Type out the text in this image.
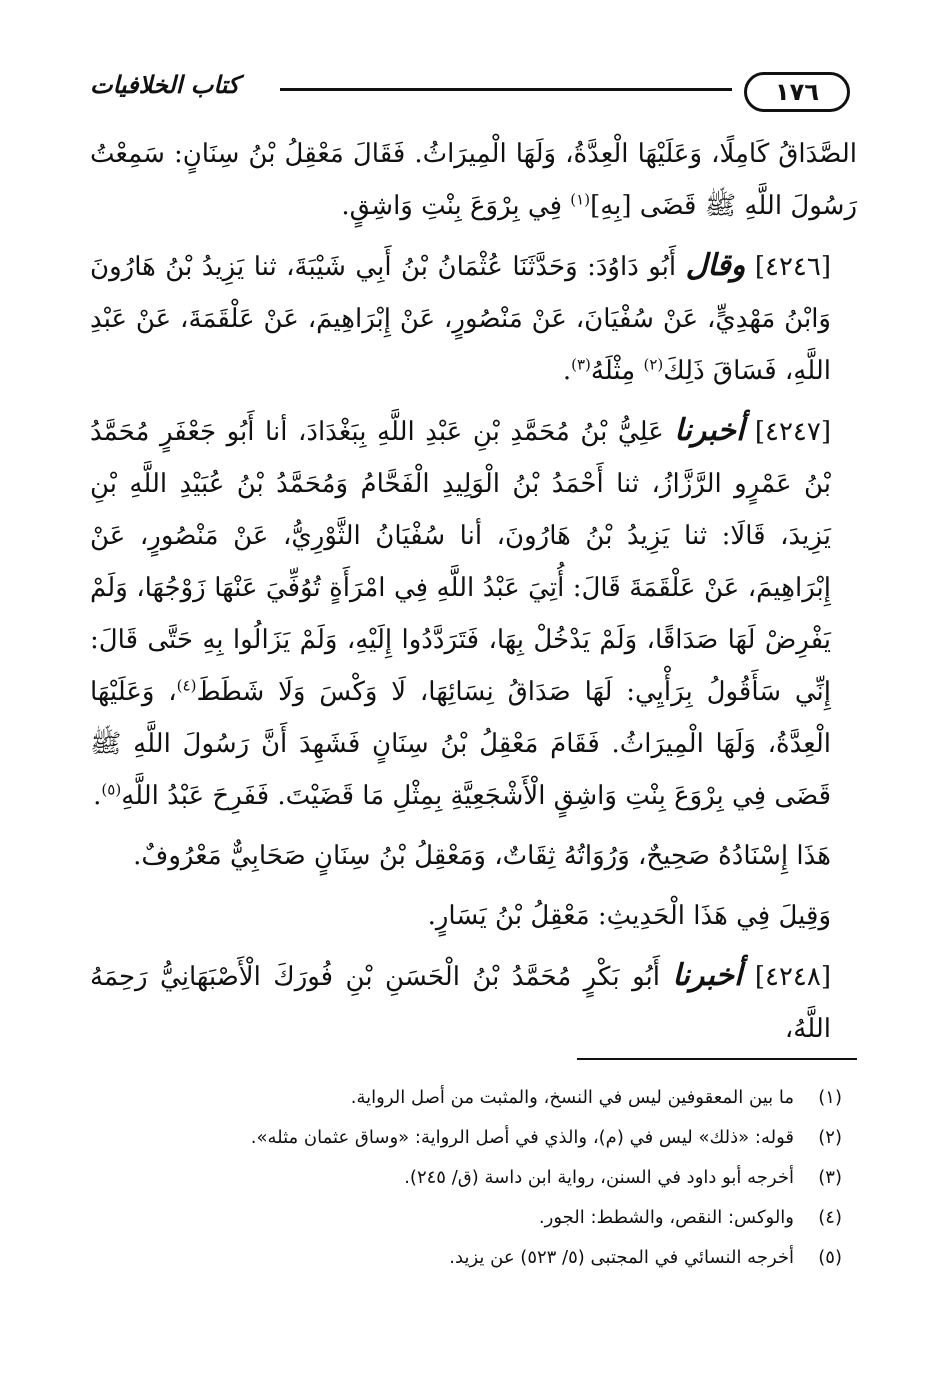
١٧٦
كتاب الخلافيات

الصَّدَاقُ كَامِلًا، وَعَلَيْهَا الْعِدَّةُ، وَلَهَا الْمِيرَاثُ. فَقَالَ مَعْقِلُ بْنُ سِنَانٍ: سَمِعْتُ رَسُولَ اللَّهِ ﷺ قَضَى [بِهِ]$^{(١)}$ فِي بِرْوَعَ بِنْتِ وَاشِقٍ.

[٤٢٤٦] وقال أَبُو دَاوُدَ: وَحَدَّثَنَا عُثْمَانُ بْنُ أَبِي شَيْبَةَ، ثنا يَزِيدُ بْنُ هَارُونَ وَابْنُ مَهْدِيٍّ، عَنْ سُفْيَانَ، عَنْ مَنْصُورٍ، عَنْ إِبْرَاهِيمَ، عَنْ عَلْقَمَةَ، عَنْ عَبْدِ اللَّهِ، فَسَاقَ ذَلِكَ$^{(٢)}$ مِثْلَهُ$^{(٣)}$.

[٤٢٤٧] أخبرنا عَلِيُّ بْنُ مُحَمَّدِ بْنِ عَبْدِ اللَّهِ بِبَغْدَادَ، أنا أَبُو جَعْفَرٍ مُحَمَّدُ بْنُ عَمْرٍو الرَّزَّازُ، ثنا أَحْمَدُ بْنُ الْوَلِيدِ الْفَحَّامُ وَمُحَمَّدُ بْنُ عُبَيْدِ اللَّهِ بْنِ يَزِيدَ، قَالَا: ثنا يَزِيدُ بْنُ هَارُونَ، أنا سُفْيَانُ الثَّوْرِيُّ، عَنْ مَنْصُورٍ، عَنْ إِبْرَاهِيمَ، عَنْ عَلْقَمَةَ قَالَ: أُتِيَ عَبْدُ اللَّهِ فِي امْرَأَةٍ تُوُفِّيَ عَنْهَا زَوْجُهَا، وَلَمْ يَفْرِضْ لَهَا صَدَاقًا، وَلَمْ يَدْخُلْ بِهَا، فَتَرَدَّدُوا إِلَيْهِ، وَلَمْ يَزَالُوا بِهِ حَتَّى قَالَ: إِنِّي سَأَقُولُ بِرَأْيِي: لَهَا صَدَاقُ نِسَائِهَا، لَا وَكْسَ وَلَا شَطَطَ$^{(٤)}$، وَعَلَيْهَا الْعِدَّةُ، وَلَهَا الْمِيرَاثُ. فَقَامَ مَعْقِلُ بْنُ سِنَانٍ فَشَهِدَ أَنَّ رَسُولَ اللَّهِ ﷺ قَضَى فِي بِرْوَعَ بِنْتِ وَاشِقٍ الْأَشْجَعِيَّةِ بِمِثْلِ مَا قَضَيْتَ. فَفَرِحَ عَبْدُ اللَّهِ$^{(٥)}$.

هَذَا إِسْنَادُهُ صَحِيحٌ، وَرُوَاتُهُ ثِقَاتٌ، وَمَعْقِلُ بْنُ سِنَانٍ صَحَابِيٌّ مَعْرُوفٌ.

وَقِيلَ فِي هَذَا الْحَدِيثِ: مَعْقِلُ بْنُ يَسَارٍ.

[٤٢٤٨] أخبرنا أَبُو بَكْرٍ مُحَمَّدُ بْنُ الْحَسَنِ بْنِ فُورَكَ الْأَصْبَهَانِيُّ رَحِمَهُ اللَّهُ،

(١)
ما بين المعقوفين ليس في النسخ، والمثبت من أصل الرواية.
(٢)
قوله: «ذلك» ليس في (م)، والذي في أصل الرواية: «وساق عثمان مثله».
(٣)
أخرجه أبو داود في السنن، رواية ابن داسة (ق/ ٢٤٥).
(٤)
والوكس: النقص، والشطط: الجور.
(٥)
أخرجه النسائي في المجتبى (٥/ ٥٢٣) عن يزيد.
